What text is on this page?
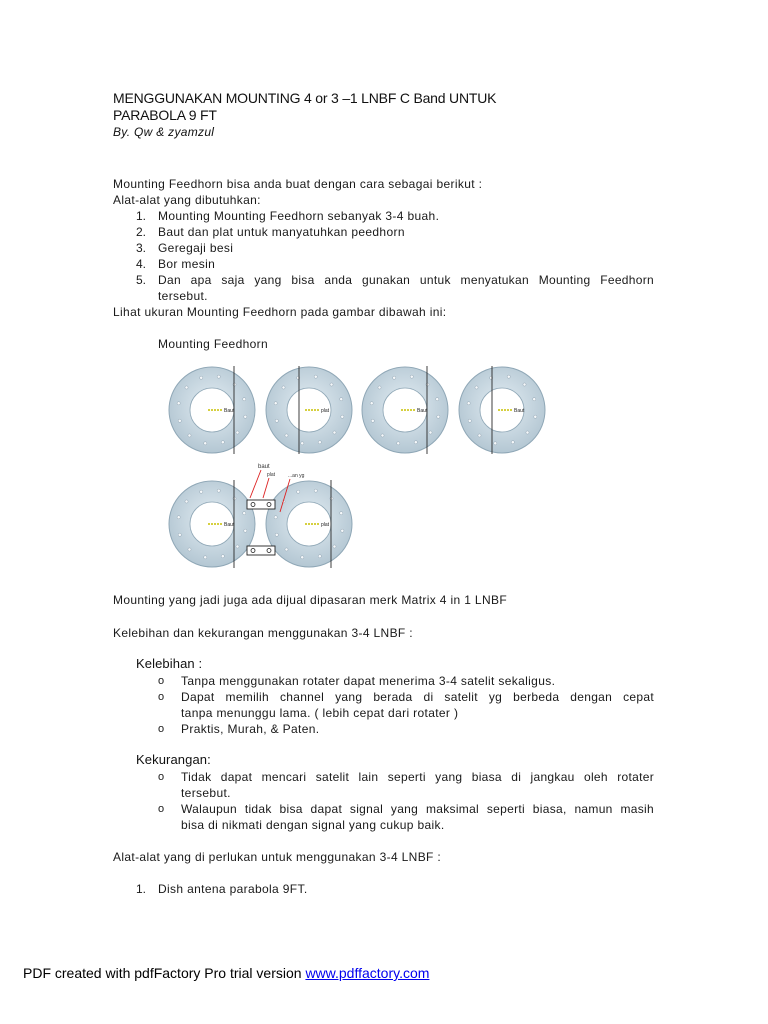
MENGGUNAKAN MOUNTING 4 or 3 –1 LNBF C Band UNTUK
PARABOLA 9 FT
By. Qw & zyamzul
Mounting Feedhorn bisa anda buat dengan cara sebagai berikut :
Alat-alat yang dibutuhkan:
1. Mounting Mounting Feedhorn sebanyak 3-4 buah.
2. Baut dan plat untuk manyatuhkan peedhorn
3. Geregaji besi
4. Bor mesin
5. Dan apa saja yang bisa anda gunakan untuk menyatukan Mounting Feedhorn
tersebut.
Lihat ukuran Mounting Feedhorn pada gambar dibawah ini:
Mounting Feedhorn
Baut	plat	Baut	Baut
Baut	plat
baut
plat	...an yg
Mounting yang jadi juga ada dijual dipasaran merk Matrix 4 in 1 LNBF
Kelebihan dan kekurangan menggunakan 3-4 LNBF :
Kelebihan :
o Tanpa menggunakan rotater dapat menerima 3-4 satelit sekaligus.
o Dapat memilih channel yang berada di satelit yg berbeda dengan cepat
tanpa menunggu lama. ( lebih cepat dari rotater )
o Praktis, Murah, & Paten.
Kekurangan:
o Tidak dapat mencari satelit lain seperti yang biasa di jangkau oleh rotater
tersebut.
o Walaupun tidak bisa dapat signal yang maksimal seperti biasa, namun masih
bisa di nikmati dengan signal yang cukup baik.
Alat-alat yang di perlukan untuk menggunakan 3-4 LNBF :
1. Dish antena parabola 9FT.
PDF created with pdfFactory Pro trial version www.pdffactory.com
